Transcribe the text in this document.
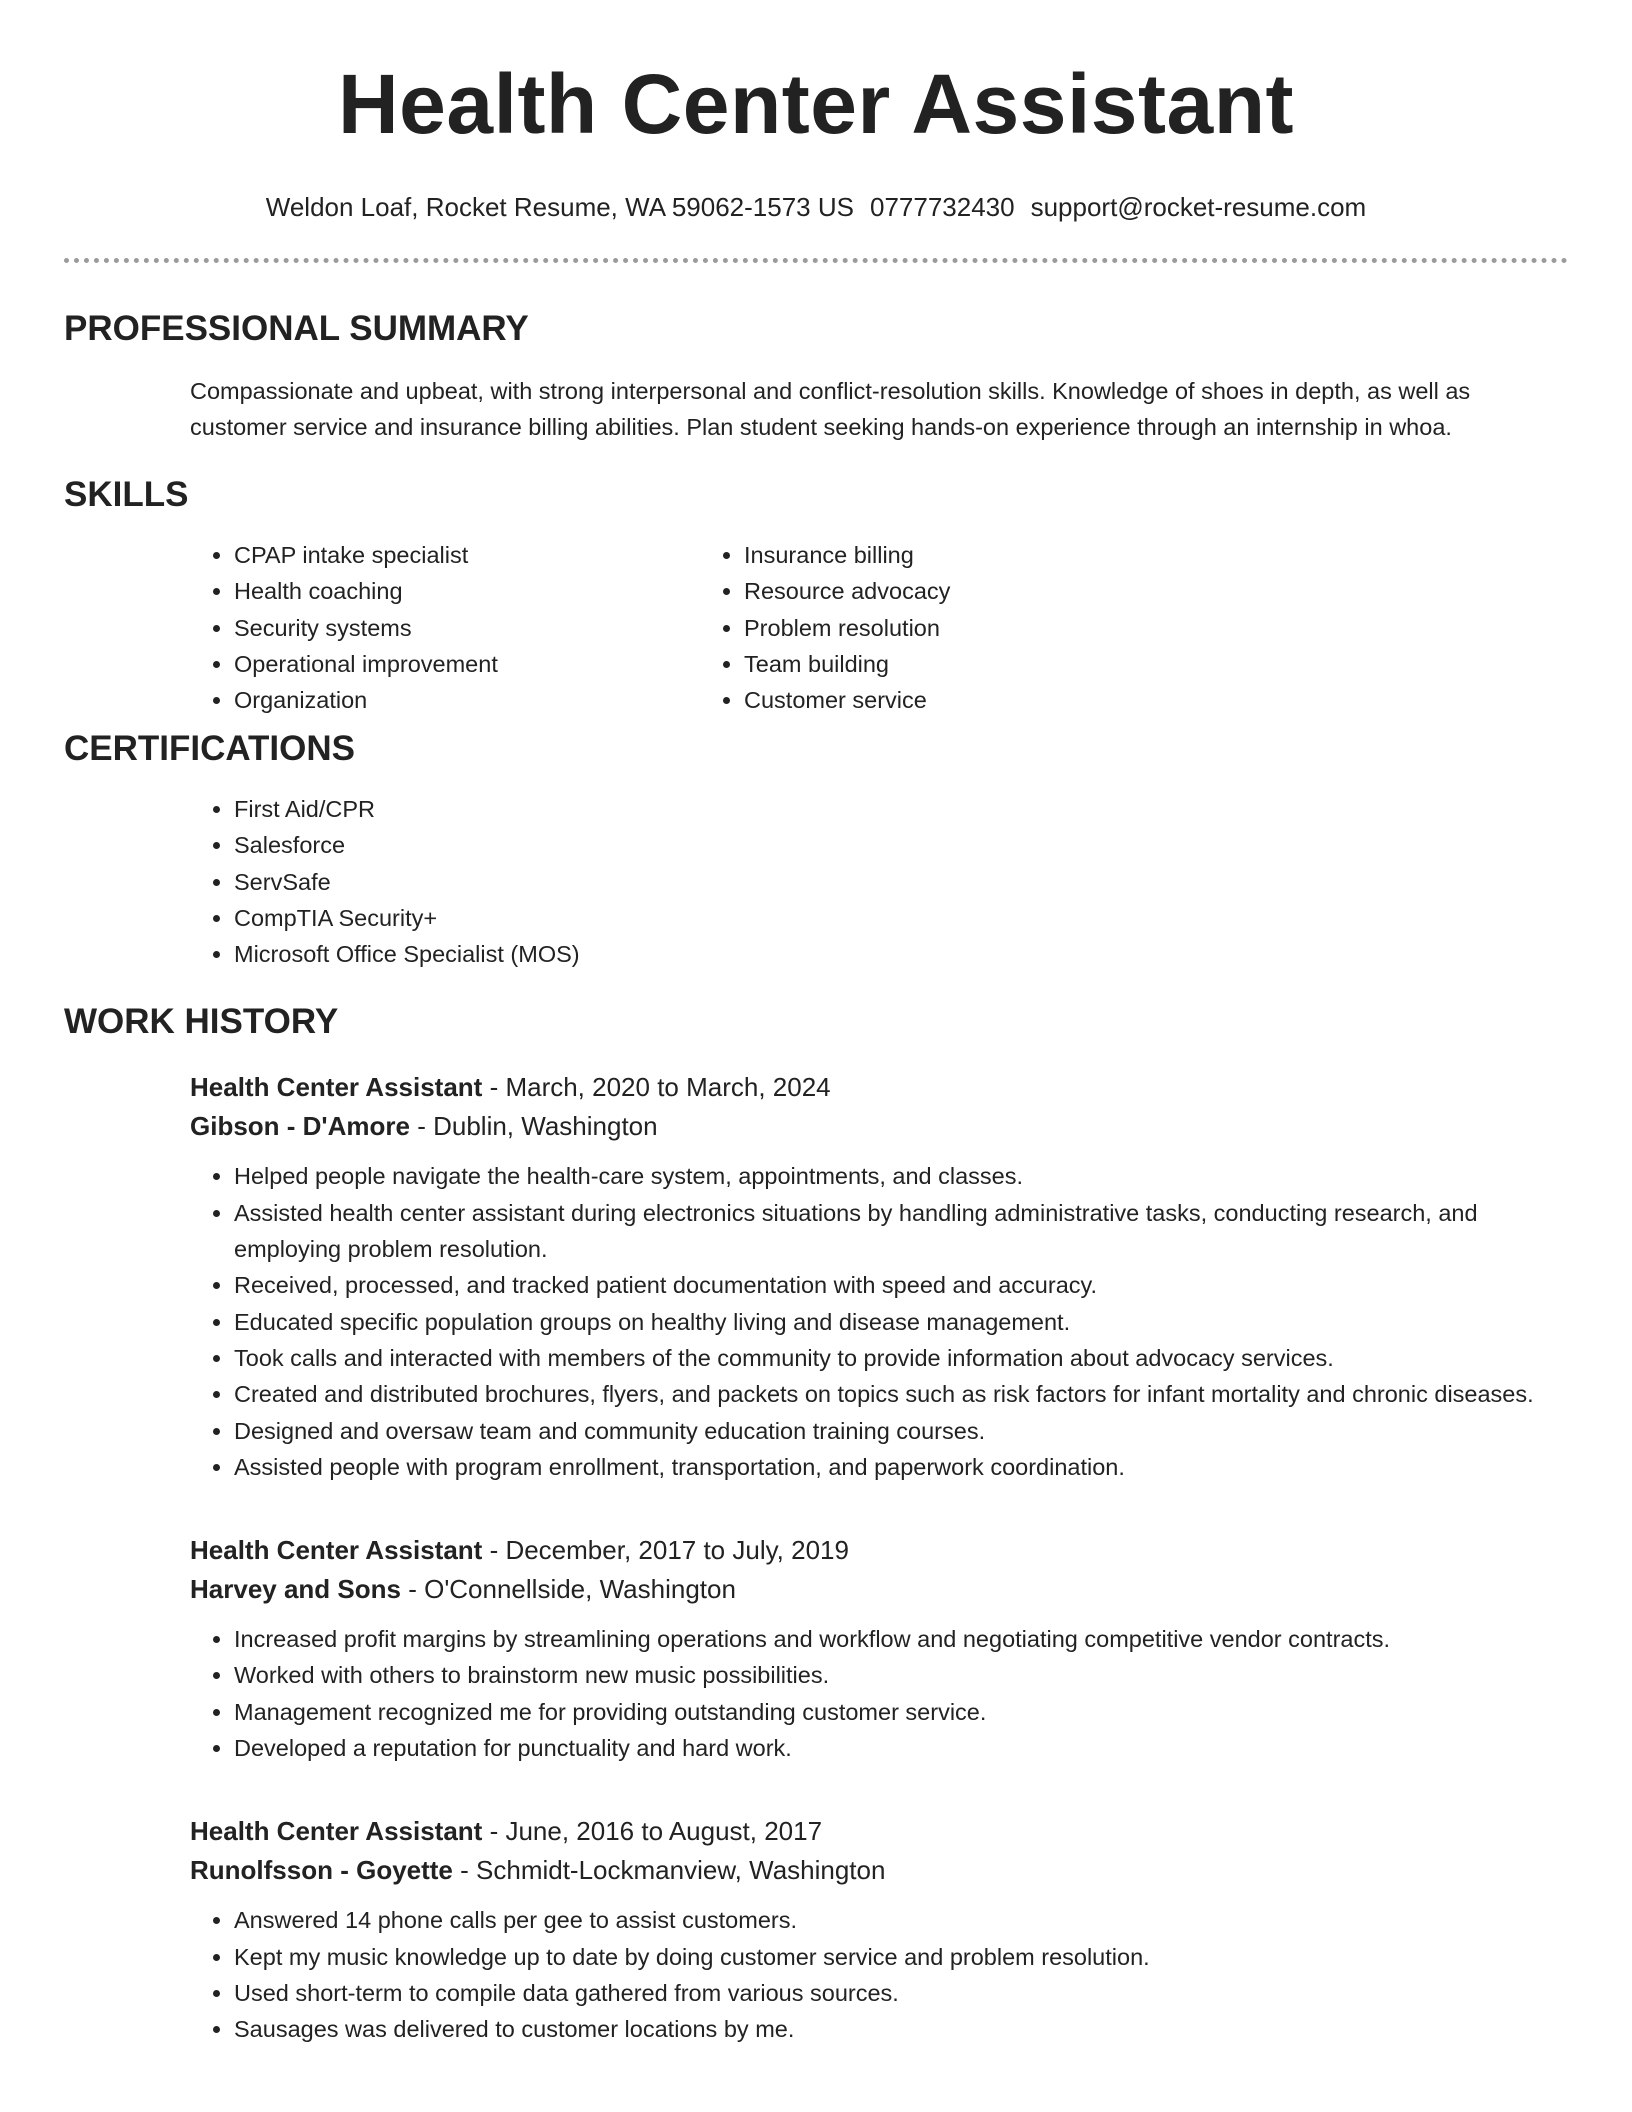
Health Center Assistant
Weldon Loaf, Rocket Resume, WA 59062-1573 US 0777732430 support@rocket-resume.com
PROFESSIONAL SUMMARY
Compassionate and upbeat, with strong interpersonal and conflict-resolution skills. Knowledge of shoes in depth, as well as customer service and insurance billing abilities. Plan student seeking hands-on experience through an internship in whoa.
SKILLS
• CPAP intake specialist
• Health coaching
• Security systems
• Operational improvement
• Organization
• Insurance billing
• Resource advocacy
• Problem resolution
• Team building
• Customer service
CERTIFICATIONS
• First Aid/CPR
• Salesforce
• ServSafe
• CompTIA Security+
• Microsoft Office Specialist (MOS)
WORK HISTORY
Health Center Assistant - March, 2020 to March, 2024
Gibson - D'Amore - Dublin, Washington
• Helped people navigate the health-care system, appointments, and classes.
• Assisted health center assistant during electronics situations by handling administrative tasks, conducting research, and employing problem resolution.
• Received, processed, and tracked patient documentation with speed and accuracy.
• Educated specific population groups on healthy living and disease management.
• Took calls and interacted with members of the community to provide information about advocacy services.
• Created and distributed brochures, flyers, and packets on topics such as risk factors for infant mortality and chronic diseases.
• Designed and oversaw team and community education training courses.
• Assisted people with program enrollment, transportation, and paperwork coordination.
Health Center Assistant - December, 2017 to July, 2019
Harvey and Sons - O'Connellside, Washington
• Increased profit margins by streamlining operations and workflow and negotiating competitive vendor contracts.
• Worked with others to brainstorm new music possibilities.
• Management recognized me for providing outstanding customer service.
• Developed a reputation for punctuality and hard work.
Health Center Assistant - June, 2016 to August, 2017
Runolfsson - Goyette - Schmidt-Lockmanview, Washington
• Answered 14 phone calls per gee to assist customers.
• Kept my music knowledge up to date by doing customer service and problem resolution.
• Used short-term to compile data gathered from various sources.
• Sausages was delivered to customer locations by me.
